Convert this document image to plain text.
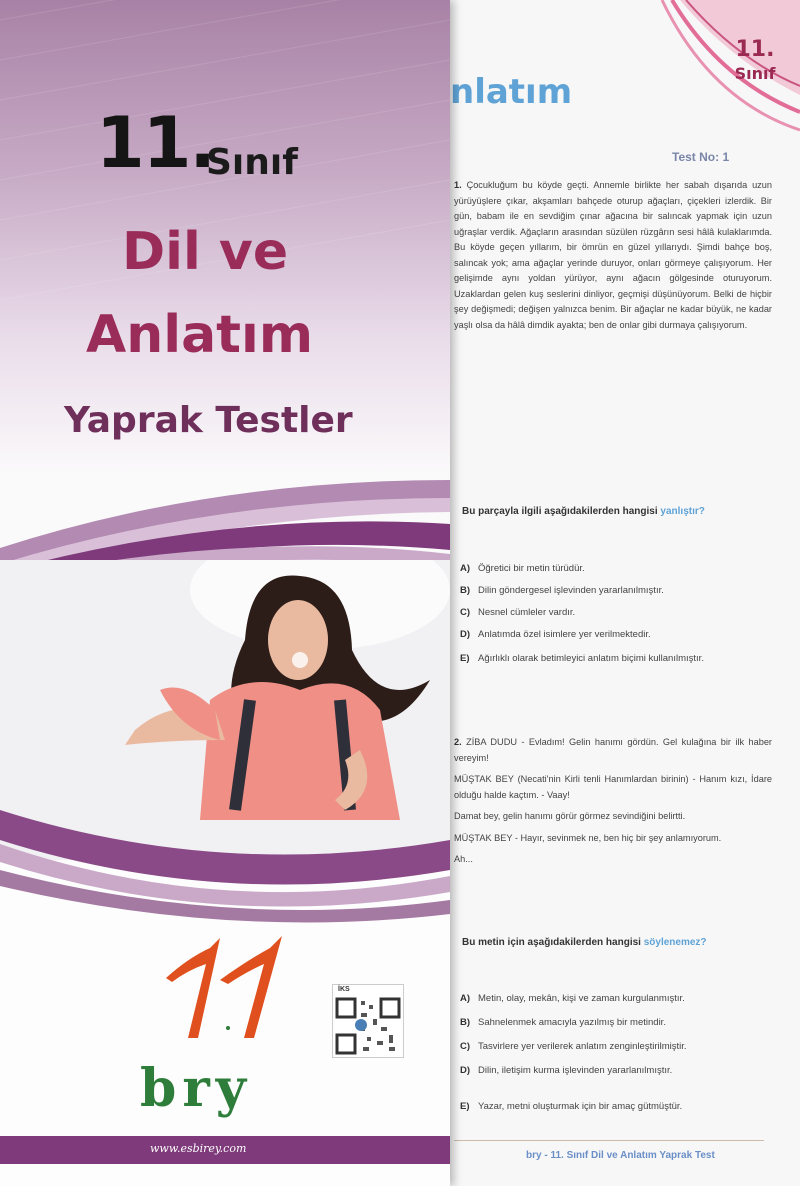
nlatım
11.
Sınıf
Test No: 1
1. Çocukluğum bu köyde geçti. Annemle birlikte her sabah dışarıda uzun yürüyüşlere çıkar, akşamları bahçede oturup ağaçları, çiçekleri izlerdik. Bir gün, babam ile en sevdiğim çınar ağacına bir salıncak yapmak için uzun uğraşlar verdik. Ağaçların arasından süzülen rüzgârın sesi hâlâ kulaklarımda. Bu köyde geçen yıllarım, bir ömrün en güzel yıllarıydı. Şimdi bahçe boş, salıncak yok; ama ağaçlar yerinde duruyor, onları görmeye çalışıyorum. Her gelişimde aynı yoldan yürüyor, aynı ağacın gölgesinde oturuyorum. Uzaklardan gelen kuş seslerini dinliyor, geçmişi düşünüyorum. Belki de hiçbir şey değişmedi; değişen yalnızca benim. Bir ağaçlar ne kadar büyük, ne kadar yaşlı olsa da hâlâ dimdik ayakta; ben de onlar gibi durmaya çalışıyorum.
Bu parçayla ilgili aşağıdakilerden hangisi yanlıştır?
A) Öğretici bir metin türüdür.
B) Dilin göndergesel işlevinden yararlanılmıştır.
C) Nesnel cümleler vardır.
D) Anlatımda özel isimlere yer verilmektedir.
E) Ağırlıklı olarak betimleyici anlatım biçimi kullanılmıştır.
2. ZİBA DUDU - Evladım! Gelin hanımı gördün. Gel kulağına bir ilk haber vereyim!
MÜŞTAK BEY (Necati'nin Kirli tenli Hanımlardan birinin) - Hanım kızı, İdare olduğu halde kaçtım. - Vaay!
Damat bey, gelin hanımı görür görmez sevindiğini belirtti.
MÜŞTAK BEY - Hayır, sevinmek ne, ben hiç bir şey anlamıyorum.
Ah...
Bu metin için aşağıdakilerden hangisi söylenemez?
A) Metin, olay, mekân, kişi ve zaman kurgulanmıştır.
B) Sahnelenmek amacıyla yazılmış bir metindir.
C) Tasvirlere yer verilerek anlatım zenginleştirilmiştir.
D) Dilin, iletişim kurma işlevinden yararlanılmıştır.
E) Yazar, metni oluşturmak için bir amaç gütmüştür.
bry - 11. Sınıf Dil ve Anlatım Yaprak Test
11.
Sınıf
Dil ve
Anlatım
Yaprak Testler
bry
İKS
www.esbirey.com
